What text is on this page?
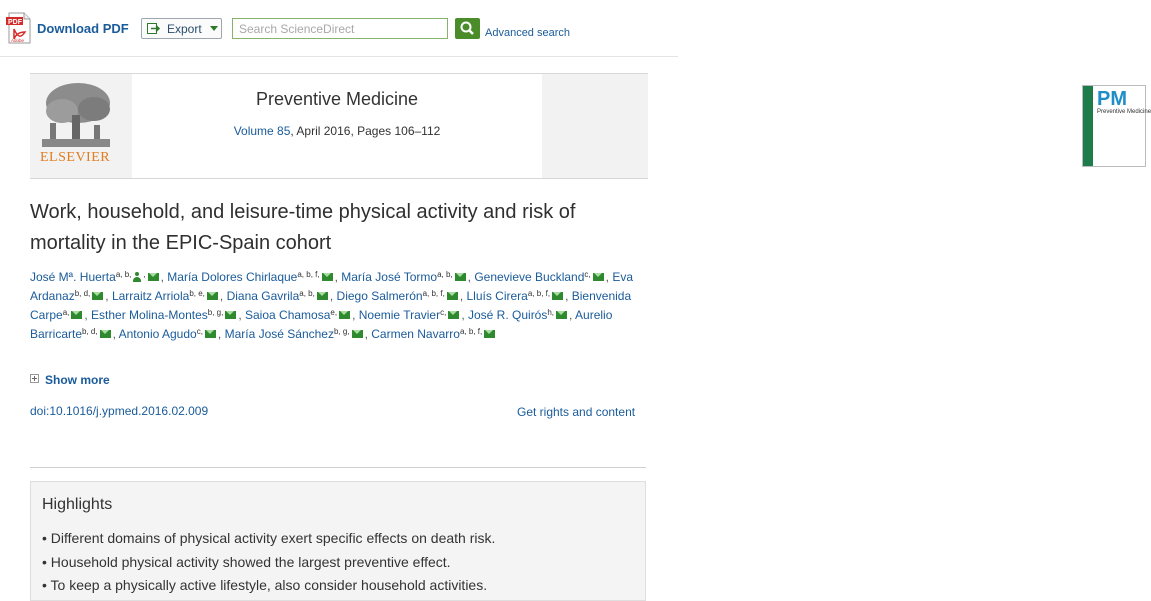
PDF
Adobe
Download PDF	Export
Search ScienceDirect	Advanced search
ELSEVIER
Preventive Medicine
Volume 85, April 2016, Pages 106–112
PM
Preventive Medicine
Work, household, and leisure-time physical activity and risk of mortality in the EPIC-Spain cohort
José Mª. Huerta$^{a, b,}$ , , María Dolores Chirlaque$^{a, b, f,}$ , María José Tormo$^{a, b,}$ , Genevieve Buckland$^{c,}$ , Eva Ardanaz$^{b, d,}$ , Larraitz Arriola$^{b, e,}$ , Diana Gavrila$^{a, b,}$ , Diego Salmerón$^{a, b, f,}$ , Lluís Cirera$^{a, b, f,}$ , Bienvenida Carpe$^{a,}$ , Esther Molina-Montes$^{b, g,}$ , Saioa Chamosa$^{e,}$ , Noemie Travier$^{c,}$ , José R. Quirós$^{h,}$ , Aurelio Barricarte$^{b, d,}$ , Antonio Agudo$^{c,}$ , María José Sánchez$^{b, g,}$ , Carmen Navarro$^{a, b, f,}$
Show more
doi:10.1016/j.ypmed.2016.02.009	Get rights and content
Highlights
• Different domains of physical activity exert specific effects on death risk.
• Household physical activity showed the largest preventive effect.
• To keep a physically active lifestyle, also consider household activities.
